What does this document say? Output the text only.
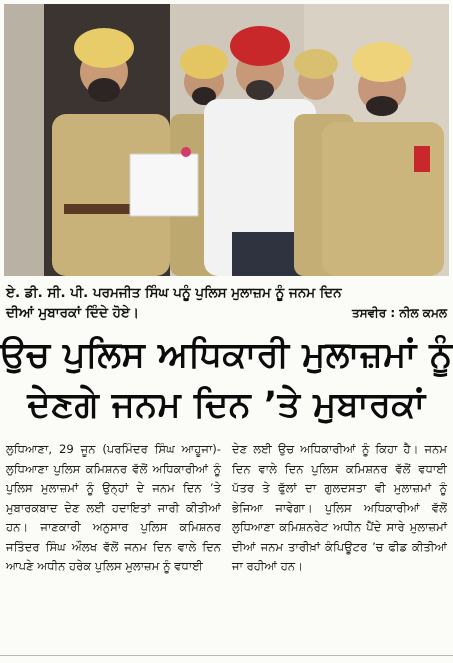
ਏ. ਡੀ. ਸੀ. ਪੀ. ਪਰਮਜੀਤ ਸਿੰਘ ਪਨੂੰ ਪੁਲਿਸ ਮੁਲਾਜ਼ਮ ਨੂੰ ਜਨਮ ਦਿਨ
ਦੀਆਂ ਮੁਬਾਰਕਾਂ ਦਿੰਦੇ ਹੋਏ।	ਤਸਵੀਰ : ਨੀਲ ਕਮਲ
ਉਚ ਪੁਲਿਸ ਅਧਿਕਾਰੀ ਮੁਲਾਜ਼ਮਾਂ ਨੂੰ
ਦੇਣਗੇ ਜਨਮ ਦਿਨ ’ਤੇ ਮੁਬਾਰਕਾਂ
ਲੁਧਿਆਣਾ, 29 ਜੂਨ (ਪਰਮਿੰਦਰ ਸਿੰਘ ਆਹੂਜਾ)-ਲੁਧਿਆਣਾ ਪੁਲਿਸ ਕਮਿਸ਼ਨਰ ਵੱਲੋਂ ਅਧਿਕਾਰੀਆਂ ਨੂੰ ਪੁਲਿਸ ਮੁਲਾਜ਼ਮਾਂ ਨੂੰ ਉਨ੍ਹਾਂ ਦੇ ਜਨਮ ਦਿਨ ’ਤੇ ਮੁਬਾਰਕਬਾਦ ਦੇਣ ਲਈ ਹਦਾਇਤਾਂ ਜਾਰੀ ਕੀਤੀਆਂ ਹਨ। ਜਾਣਕਾਰੀ ਅਨੁਸਾਰ ਪੁਲਿਸ ਕਮਿਸ਼ਨਰ ਜਤਿੰਦਰ ਸਿੰਘ ਔਲਖ ਵੱਲੋਂ ਜਨਮ ਦਿਨ ਵਾਲੇ ਦਿਨ ਆਪਣੇ ਅਧੀਨ ਹਰੇਕ ਪੁਲਿਸ ਮੁਲਾਜ਼ਮ ਨੂੰ ਵਧਾਈ
ਦੇਣ ਲਈ ਉਚ ਅਧਿਕਾਰੀਆਂ ਨੂੰ ਕਿਹਾ ਹੈ। ਜਨਮ ਦਿਨ ਵਾਲੇ ਦਿਨ ਪੁਲਿਸ ਕਮਿਸ਼ਨਰ ਵੱਲੋਂ ਵਧਾਈ ਪੱਤਰ ਤੇ ਫੁੱਲਾਂ ਦਾ ਗੁਲਦਸਤਾ ਵੀ ਮੁਲਾਜ਼ਮਾਂ ਨੂੰ ਭੇਜਿਆ ਜਾਵੇਗਾ। ਪੁਲਿਸ ਅਧਿਕਾਰੀਆਂ ਵੱਲੋਂ ਲੁਧਿਆਣਾ ਕਮਿਸ਼ਨਰੇਟ ਅਧੀਨ ਪੈਂਦੇ ਸਾਰੇ ਮੁਲਾਜ਼ਮਾਂ ਦੀਆਂ ਜਨਮ ਤਾਰੀਖ਼ਾਂ ਕੰਪਿਊਟਰ ’ਚ ਫੀਡ ਕੀਤੀਆਂ ਜਾ ਰਹੀਆਂ ਹਨ।
